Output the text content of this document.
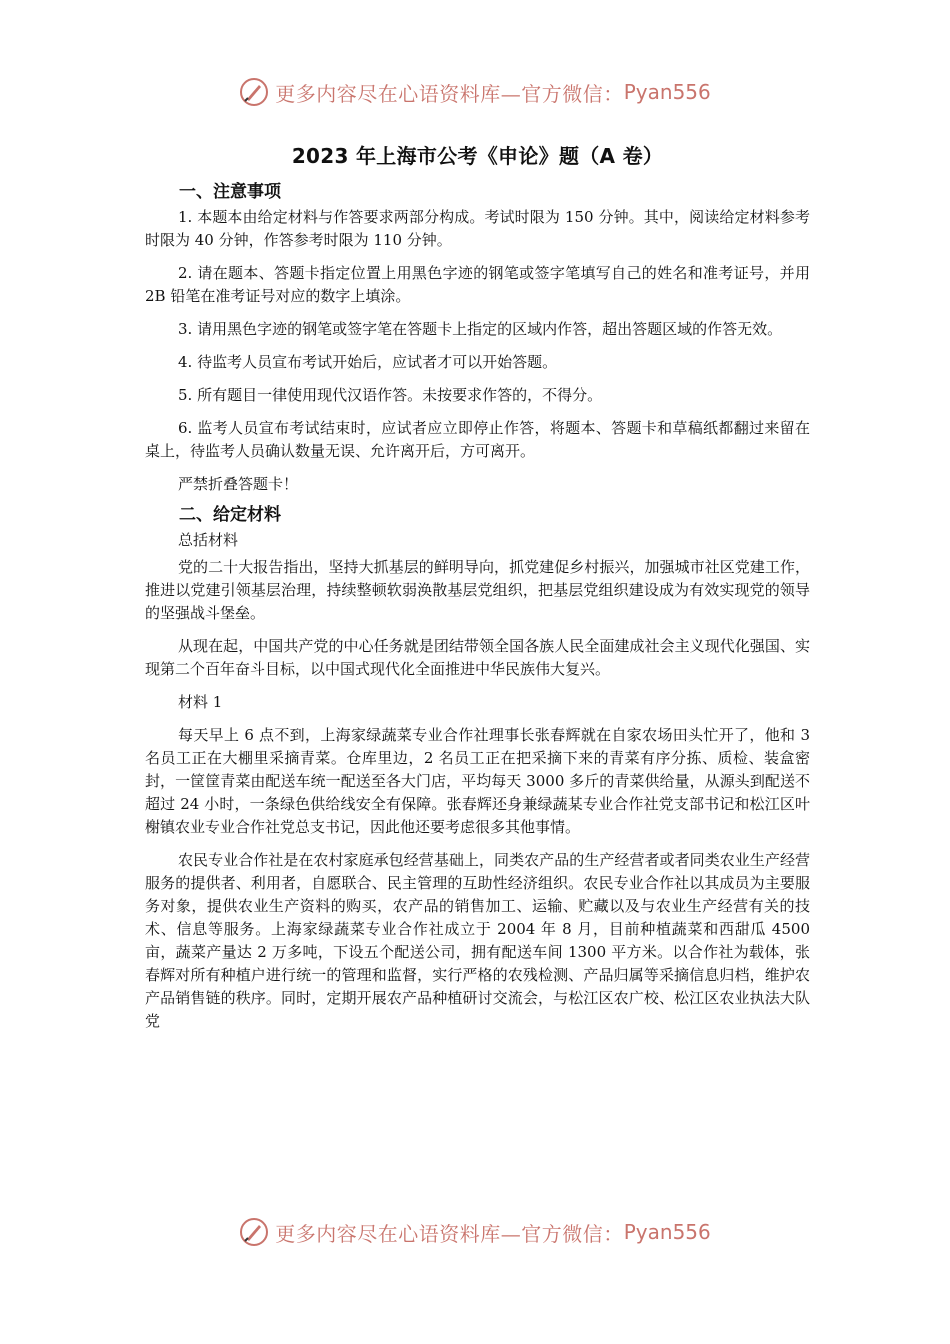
更多内容尽在心语资料库—官方微信： Pyan556
2023 年上海市公考《申论》题（A 卷）
一、注意事项

1. 本题本由给定材料与作答要求两部分构成。考试时限为 150 分钟。其中，阅读给定材料参考时限为 40 分钟，作答参考时限为 110 分钟。

2. 请在题本、答题卡指定位置上用黑色字迹的钢笔或签字笔填写自己的姓名和准考证号，并用 2B 铅笔在准考证号对应的数字上填涂。

3. 请用黑色字迹的钢笔或签字笔在答题卡上指定的区域内作答，超出答题区域的作答无效。

4. 待监考人员宣布考试开始后，应试者才可以开始答题。

5. 所有题目一律使用现代汉语作答。未按要求作答的，不得分。

6. 监考人员宣布考试结束时，应试者应立即停止作答，将题本、答题卡和草稿纸都翻过来留在桌上，待监考人员确认数量无误、允许离开后，方可离开。

严禁折叠答题卡！

二、给定材料

总括材料

党的二十大报告指出，坚持大抓基层的鲜明导向，抓党建促乡村振兴，加强城市社区党建工作，推进以党建引领基层治理，持续整顿软弱涣散基层党组织，把基层党组织建设成为有效实现党的领导的坚强战斗堡垒。

从现在起，中国共产党的中心任务就是团结带领全国各族人民全面建成社会主义现代化强国、实现第二个百年奋斗目标，以中国式现代化全面推进中华民族伟大复兴。

材料 1

每天早上 6 点不到，上海家绿蔬菜专业合作社理事长张春辉就在自家农场田头忙开了，他和 3 名员工正在大棚里采摘青菜。仓库里边，2 名员工正在把采摘下来的青菜有序分拣、质检、装盒密封，一筐筐青菜由配送车统一配送至各大门店，平均每天 3000 多斤的青菜供给量，从源头到配送不超过 24 小时，一条绿色供给线安全有保障。张春辉还身兼绿蔬某专业合作社党支部书记和松江区叶榭镇农业专业合作社党总支书记，因此他还要考虑很多其他事情。

农民专业合作社是在农村家庭承包经营基础上，同类农产品的生产经营者或者同类农业生产经营服务的提供者、利用者，自愿联合、民主管理的互助性经济组织。农民专业合作社以其成员为主要服务对象，提供农业生产资料的购买，农产品的销售加工、运输、贮藏以及与农业生产经营有关的技术、信息等服务。上海家绿蔬菜专业合作社成立于 2004 年 8 月，目前种植蔬菜和西甜瓜 4500 亩，蔬菜产量达 2 万多吨，下设五个配送公司，拥有配送车间 1300 平方米。以合作社为载体，张春辉对所有种植户进行统一的管理和监督，实行严格的农残检测、产品归属等采摘信息归档，维护农产品销售链的秩序。同时，定期开展农产品种植研讨交流会，与松江区农广校、松江区农业执法大队党

更多内容尽在心语资料库—官方微信： Pyan556
